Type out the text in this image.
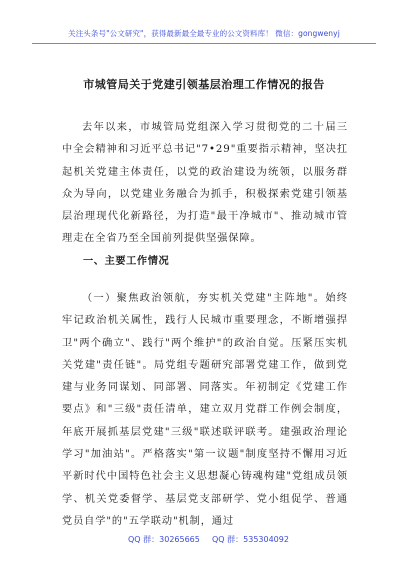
关注头条号"公文研究"，获得最新最全最专业的公文资料库！ 微信：gongwenyj
市城管局关于党建引领基层治理工作情况的报告

去年以来，市城管局党组深入学习贯彻党的二十届三中全会精神和习近平总书记"7•29"重要指示精神，坚决扛起机关党建主体责任，以党的政治建设为统领，以服务群众为导向，以党建业务融合为抓手，积极探索党建引领基层治理现代化新路径，为打造"最干净城市"、推动城市管理走在全省乃至全国前列提供坚强保障。

一、主要工作情况

（一）聚焦政治领航，夯实机关党建"主阵地"。始终牢记政治机关属性，践行人民城市重要理念，不断增强捍卫"两个确立"、践行"两个维护"的政治自觉。压紧压实机关党建"责任链"。局党组专题研究部署党建工作，做到党建与业务同谋划、同部署、同落实。年初制定《党建工作要点》和"三级"责任清单，建立双月党群工作例会制度，年底开展抓基层党建"三级"联述联评联考。建强政治理论学习"加油站"。严格落实"第一议题"制度坚持不懈用习近平新时代中国特色社会主义思想凝心铸魂构建"党组成员领学、机关党委督学、基层党支部研学、党小组促学、普通党员自学"的"五学联动"机制，通过

QQ 群：30265665 QQ 群：535304092
